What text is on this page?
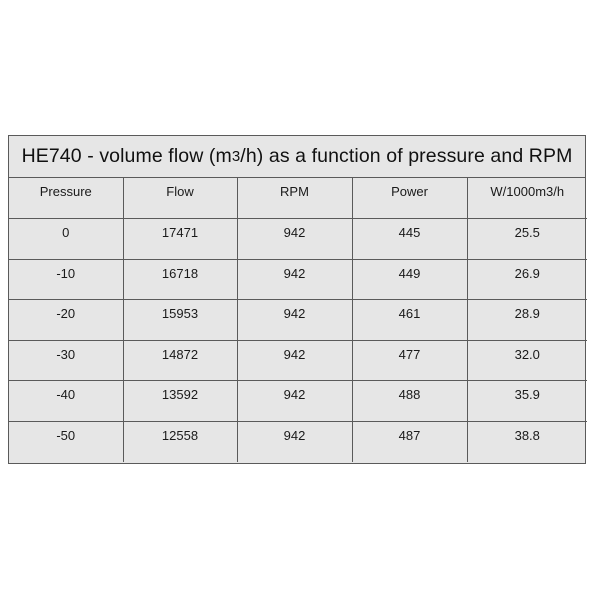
HE740 - volume flow (m 3 /h) as a function of pressure and RPM
Pressure	Flow	RPM	Power	W/1000m3/h
0	17471	942	445	25.5
-10	16718	942	449	26.9
-20	15953	942	461	28.9
-30	14872	942	477	32.0
-40	13592	942	488	35.9
-50	12558	942	487	38.8
